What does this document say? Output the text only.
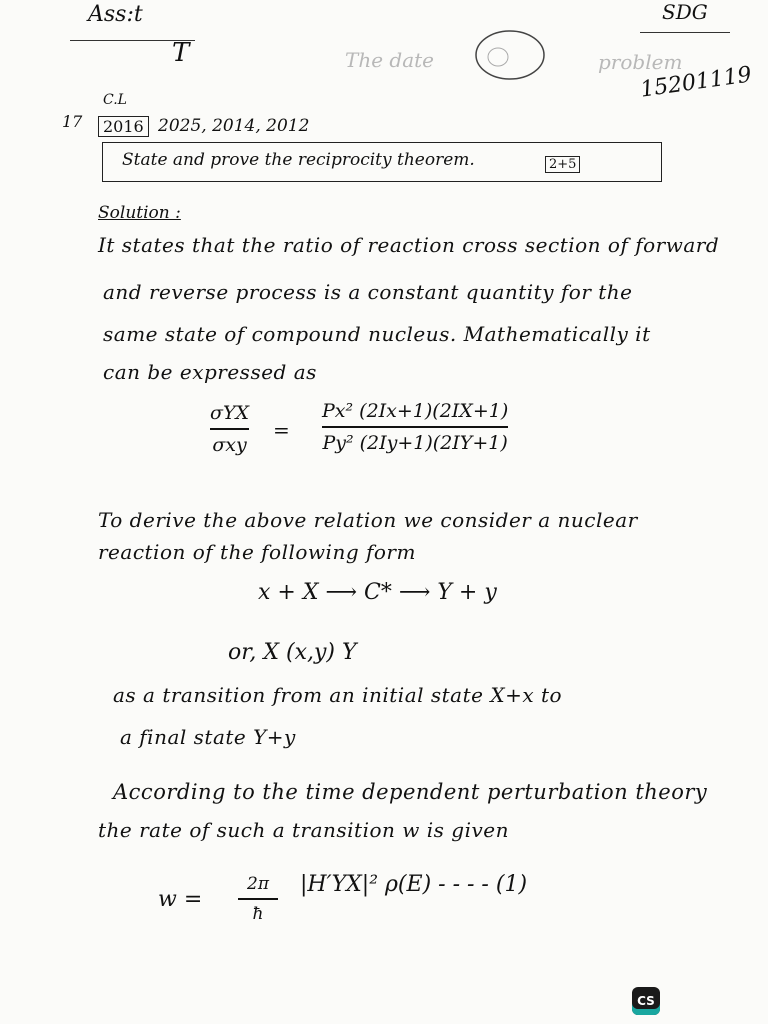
Ass:t
T	The date	problem
SDG
15201119
C.L
17	2016 2025, 2014, 2012
State and prove the reciprocity theorem.	2+5
Solution :
It states that the ratio of reaction cross section of forward
and reverse process is a constant quantity for the
same state of compound nucleus. Mathematically it
can be expressed as
σYX
σxy
=
Px² (2Ix+1)(2IX+1)
Py² (2Iy+1)(2IY+1)
To derive the above relation we consider a nuclear
reaction of the following form
x + X ⟶ C* ⟶ Y + y
or, X (x,y) Y
as a transition from an initial state X+x to
a final state Y+y
According to the time dependent perturbation theory
the rate of such a transition w is given
w =
2π
ħ
|H′YX|² ρ(E) - - - - (1)
CS
